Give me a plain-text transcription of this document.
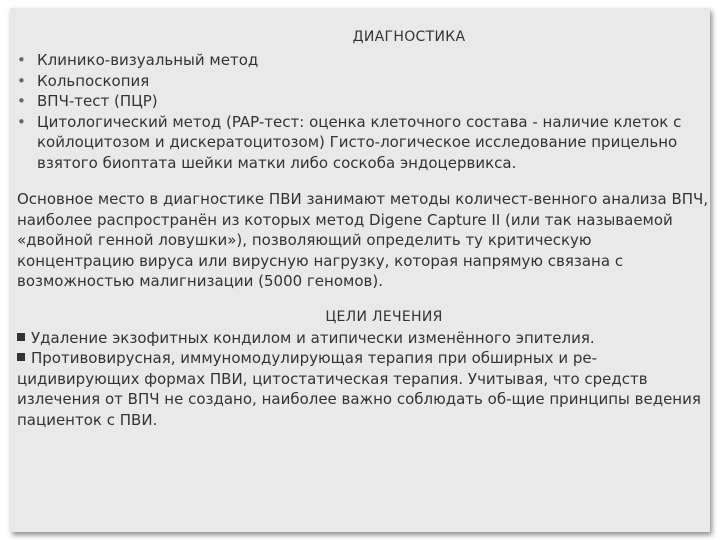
ДИАГНОСТИКА

• Клинико-визуальный метод
• Кольпоскопия
• ВПЧ-тест (ПЦР)
• Цитологический метод (PAP-тест: оценка клеточного состава - наличие клеток с койлоцитозом и дискератоцитозом) Гисто-логическое исследование прицельно взятого биоптата шейки матки либо соскоба эндоцервикса.

Основное место в диагностике ПВИ занимают методы количест-венного анализа ВПЧ, наиболее распространён из которых метод Digene Capture II (или так называемой «двойной генной ловушки»), позволяющий определить ту критическую концентрацию вируса или вирусную нагрузку, которая напрямую связана с возможностью малигнизации (5000 геномов).

ЦЕЛИ ЛЕЧЕНИЯ

Удаление экзофитных кондилом и атипически изменённого эпителия.

Противовирусная, иммуномодулирующая терапия при обширных и ре-цидивирующих формах ПВИ, цитостатическая терапия. Учитывая, что средств излечения от ВПЧ не создано, наиболее важно соблюдать об-щие принципы ведения пациенток с ПВИ.
